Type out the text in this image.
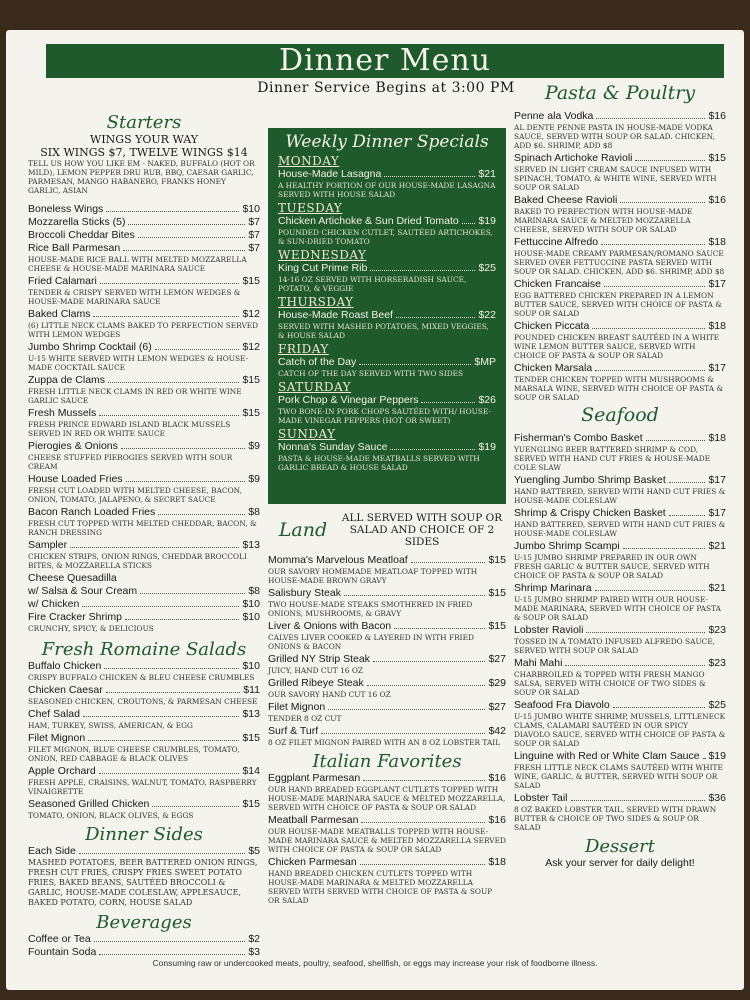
Dinner Menu
Dinner Service Begins at 3:00 PM
Starters
WINGS YOUR WAY
SIX WINGS $7, TWELVE WINGS $14
TELL US HOW YOU LIKE EM - NAKED, BUFFALO (HOT OR MILD), LEMON PEPPER DRU RUB, BBQ, CAESAR GARLIC, PARMESAN, MANGO HABANERO, FRANKS HONEY GARLIC, ASIAN
Boneless Wings	$10
Mozzarella Sticks (5)	$7
Broccoli Cheddar Bites	$7
Rice Ball Parmesan	$7
HOUSE-MADE RICE BALL WITH MELTED MOZZARELLA CHEESE & HOUSE-MADE MARINARA SAUCE
Fried Calamari	$15
TENDER & CRISPY SERVED WITH LEMON WEDGES & HOUSE-MADE MARINARA SAUCE
Baked Clams	$12
(6) LITTLE NECK CLAMS BAKED TO PERFECTION SERVED WITH LEMON WEDGES
Jumbo Shrimp Cocktail (6)	$12
U-15 WHITE SERVED WITH LEMON WEDGES & HOUSE-MADE COCKTAIL SAUCE
Zuppa de Clams	$15
FRESH LITTLE NECK CLAMS IN RED OR WHITE WINE GARLIC SAUCE
Fresh Mussels	$15
FRESH PRINCE EDWARD ISLAND BLACK MUSSELS SERVED IN RED OR WHITE SAUCE
Pierogies & Onions	$9
CHEESE STUFFED PIEROGIES SERVED WITH SOUR CREAM
House Loaded Fries	$9
FRESH CUT LOADED WITH MELTED CHEESE, BACON, ONION, TOMATO, JALAPENO, & SECRET SAUCE
Bacon Ranch Loaded Fries	$8
FRESH CUT TOPPED WITH MELTED CHEDDAR, BACON, & RANCH DRESSING
Sampler	$13
CHICKEN STRIPS, ONION RINGS, CHEDDAR BROCCOLI BITES, & MOZZARELLA STICKS
Cheese Quesadilla
w/ Salsa & Sour Cream	$8
w/ Chicken	$10
Fire Cracker Shrimp	$10
CRUNCHY, SPICY, & DELICIOUS
Fresh Romaine Salads
Buffalo Chicken	$10
CRISPY BUFFALO CHICKEN & BLEU CHEESE CRUMBLES
Chicken Caesar	$11
SEASONED CHICKEN, CROUTONS, & PARMESAN CHEESE
Chef Salad	$13
HAM, TURKEY, SWISS, AMERICAN, & EGG
Filet Mignon	$15
FILET MIGNON, BLUE CHEESE CRUMBLES, TOMATO, ONION, RED CABBAGE & BLACK OLIVES
Apple Orchard	$14
FRESH APPLE, CRAISINS, WALNUT, TOMATO, RASPBERRY VINAIGRETTE
Seasoned Grilled Chicken	$15
TOMATO, ONION, BLACK OLIVES, & EGGS
Dinner Sides
Each Side	$5
MASHED POTATOES, BEER BATTERED ONION RINGS, FRESH CUT FRIES, CRISPY FRIES SWEET POTATO FRIES, BAKED BEANS, SAUTÉED BROCCOLI & GARLIC, HOUSE-MADE COLESLAW, APPLESAUCE, BAKED POTATO, CORN, HOUSE SALAD
Beverages
Coffee or Tea	$2
Fountain Soda	$3
Weekly Dinner Specials
MONDAY
House-Made Lasagna	$21
A HEALTHY PORTION OF OUR HOUSE-MADE LASAGNA SERVED WITH HOUSE SALAD
TUESDAY
Chicken Artichoke & Sun Dried Tomato $19
POUNDED CHICKEN CUTLET, SAUTÉED ARTICHOKES, & SUN-DRIED TOMATO
WEDNESDAY
King Cut Prime Rib	$25
14-16 OZ SERVED WITH HORSERADISH SAUCE, POTATO, & VEGGIE
THURSDAY
House-Made Roast Beef	$22
SERVED WITH MASHED POTATOES, MIXED VEGGIES, & HOUSE SALAD
FRIDAY
Catch of the Day	$MP
CATCH OF THE DAY SERVED WITH TWO SIDES
SATURDAY
Pork Chop & Vinegar Peppers	$26
TWO BONE-IN PORK CHOPS SAUTÉED WITH/ HOUSE-MADE VINEGAR PEPPERS (HOT OR SWEET)
SUNDAY
Nonna's Sunday Sauce	$19
PASTA & HOUSE-MADE MEATBALLS SERVED WITH GARLIC BREAD & HOUSE SALAD
Land
ALL SERVED WITH SOUP OR SALAD AND CHOICE OF 2 SIDES
Momma's Marvelous Meatloaf	$15
OUR SAVORY HOMEMADE MEATLOAF TOPPED WITH HOUSE-MADE BROWN GRAVY
Salisbury Steak	$15
TWO HOUSE-MADE STEAKS SMOTHERED IN FRIED ONIONS, MUSHROOMS, & GRAVY
Liver & Onions with Bacon	$15
CALVES LIVER COOKED & LAYERED IN WITH FRIED ONIONS & BACON
Grilled NY Strip Steak	$27
JUICY, HAND CUT 16 OZ
Grilled Ribeye Steak	$29
OUR SAVORY HAND CUT 16 OZ
Filet Mignon	$27
TENDER 8 OZ CUT
Surf & Turf	$42
8 OZ FILET MIGNON PAIRED WITH AN 8 OZ LOBSTER TAIL
Italian Favorites
Eggplant Parmesan	$16
OUR HAND BREADED EGGPLANT CUTLETS TOPPED WITH HOUSE-MADE MARINARA SAUCE & MELTED MOZZARELLA, SERVED WITH CHOICE OF PASTA & SOUP OR SALAD
Meatball Parmesan	$16
OUR HOUSE-MADE MEATBALLS TOPPED WITH HOUSE-MADE MARINARA SAUCE & MELTED MOZZARELLA SERVED WITH CHOICE OF PASTA & SOUP OR SALAD
Chicken Parmesan	$18
HAND BREADED CHICKEN CUTLETS TOPPED WITH HOUSE-MADE MARINARA & MELTED MOZZARELLA SERVED WITH SERVED WITH CHOICE OF PASTA & SOUP OR SALAD
Pasta & Poultry
Penne ala Vodka	$16
AL DENTE PENNE PASTA IN HOUSE-MADE VODKA SAUCE, SERVED WITH SOUP OR SALAD. CHICKEN, ADD $6. SHRIMP, ADD $8
Spinach Artichoke Ravioli	$15
SERVED IN LIGHT CREAM SAUCE INFUSED WITH SPINACH, TOMATO, & WHITE WINE, SERVED WITH SOUP OR SALAD
Baked Cheese Ravioli	$16
BAKED TO PERFECTION WITH HOUSE-MADE MARINARA SAUCE & MELTED MOZZARELLA CHEESE, SERVED WITH SOUP OR SALAD
Fettuccine Alfredo	$18
HOUSE-MADE CREAMY PARMESAN/ROMANO SAUCE SERVED OVER FETTUCCINE PASTA SERVED WITH SOUP OR SALAD. CHICKEN, ADD $6. SHRIMP, ADD $8
Chicken Francaise	$17
EGG BATTERED CHICKEN PREPARED IN A LEMON BUTTER SAUCE, SERVED WITH CHOICE OF PASTA & SOUP OR SALAD
Chicken Piccata	$18
POUNDED CHICKEN BREAST SAUTÉED IN A WHITE WINE LEMON BUTTER SAUCE, SERVED WITH CHOICE OF PASTA & SOUP OR SALAD
Chicken Marsala	$17
TENDER CHICKEN TOPPED WITH MUSHROOMS & MARSALA WINE, SERVED WITH CHOICE OF PASTA & SOUP OR SALAD
Seafood
Fisherman's Combo Basket	$18
YUENGLING BEER BATTERED SHRIMP & COD, SERVED WITH HAND CUT FRIES & HOUSE-MADE COLE SLAW
Yuengling Jumbo Shrimp Basket	$17
HAND BATTERED, SERVED WITH HAND CUT FRIES & HOUSE-MADE COLESLAW
Shrimp & Crispy Chicken Basket	$17
HAND BATTERED, SERVED WITH HAND CUT FRIES & HOUSE-MADE COLESLAW
Jumbo Shrimp Scampi	$21
U-15 JUMBO SHRIMP PREPARED IN OUR OWN FRESH GARLIC & BUTTER SAUCE, SERVED WITH CHOICE OF PASTA & SOUP OR SALAD
Shrimp Marinara	$21
U-15 JUMBO SHRIMP PAIRED WITH OUR HOUSE-MADE MARINARA, SERVED WITH CHOICE OF PASTA & SOUP OR SALAD
Lobster Ravioli	$23
TOSSED IN A TOMATO INFUSED ALFREDO SAUCE, SERVED WITH SOUP OR SALAD
Mahi Mahi	$23
CHARBROILED & TOPPED WITH FRESH MANGO SALSA, SERVED WITH CHOICE OF TWO SIDES & SOUP OR SALAD
Seafood Fra Diavolo	$25
U-15 JUMBO WHITE SHRIMP, MUSSELS, LITTLENECK CLAMS, CALAMARI SAUTÉED IN OUR SPICY DIAVOLO SAUCE, SERVED WITH CHOICE OF PASTA & SOUP OR SALAD
Linguine with Red or White Clam Sauce $19
FRESH LITTLE NECK CLAMS SAUTÉED WITH WHITE WINE, GARLIC, & BUTTER, SERVED WITH SOUP OR SALAD
Lobster Tail	$36
8 OZ BAKED LOBSTER TAIL, SERVED WITH DRAWN BUTTER & CHOICE OF TWO SIDES & SOUP OR SALAD
Dessert
Ask your server for daily delight!
Consuming raw or undercooked meats, poultry, seafood, shellfish, or eggs may increase your risk of foodborne illness.
